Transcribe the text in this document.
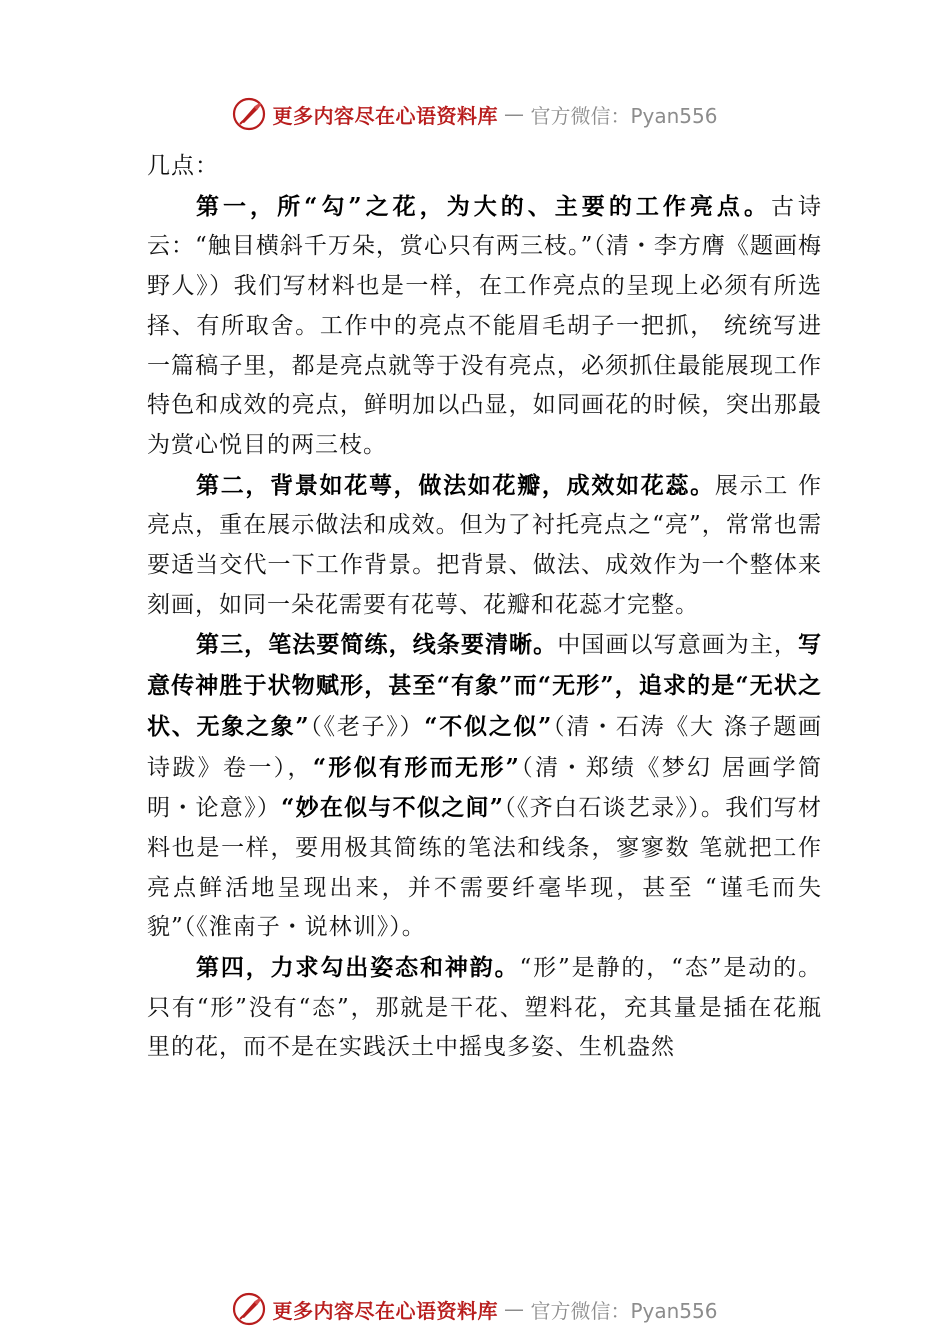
更多内容尽在心语资料库 — 官方微信：Pyan556

几点：

第一，所“勾”之花，为大的、主要的工作亮点。古诗云：“触目横斜千万朵，赏心只有两三枝。”（清・李方膺《题画梅野人》）我们写材料也是一样，在工作亮点的呈现上必须有所选择、有所取舍。工作中的亮点不能眉毛胡子一把抓， 统统写进一篇稿子里，都是亮点就等于没有亮点，必须抓住最能展现工作特色和成效的亮点，鲜明加以凸显，如同画花的时候，突出那最为赏心悦目的两三枝。

第二，背景如花萼，做法如花瓣，成效如花蕊。展示工 作亮点，重在展示做法和成效。但为了衬托亮点之“亮”，常常也需要适当交代一下工作背景。把背景、做法、成效作为一个整体来刻画，如同一朵花需要有花萼、花瓣和花蕊才完整。

第三，笔法要简练，线条要清晰。中国画以写意画为主，写意传神胜于状物赋形，甚至“有象”而“无形”，追求的是“无状之状、无象之象”（《老子》）“不似之似”（清・石涛《大 涤子题画诗跋》卷一），“形似有形而无形”（清・郑绩《梦幻 居画学简明・论意》）“妙在似与不似之间”（《齐白石谈艺录》）。我们写材料也是一样，要用极其简练的笔法和线条，寥寥数 笔就把工作亮点鲜活地呈现出来，并不需要纤毫毕现，甚至 “谨毛而失貌”（《淮南子・说林训》）。

第四，力求勾出姿态和神韵。“形”是静的，“态”是动的。只有“形”没有“态”，那就是干花、塑料花，充其量是插在花瓶里的花，而不是在实践沃土中摇曳多姿、生机盎然

更多内容尽在心语资料库 — 官方微信：Pyan556
